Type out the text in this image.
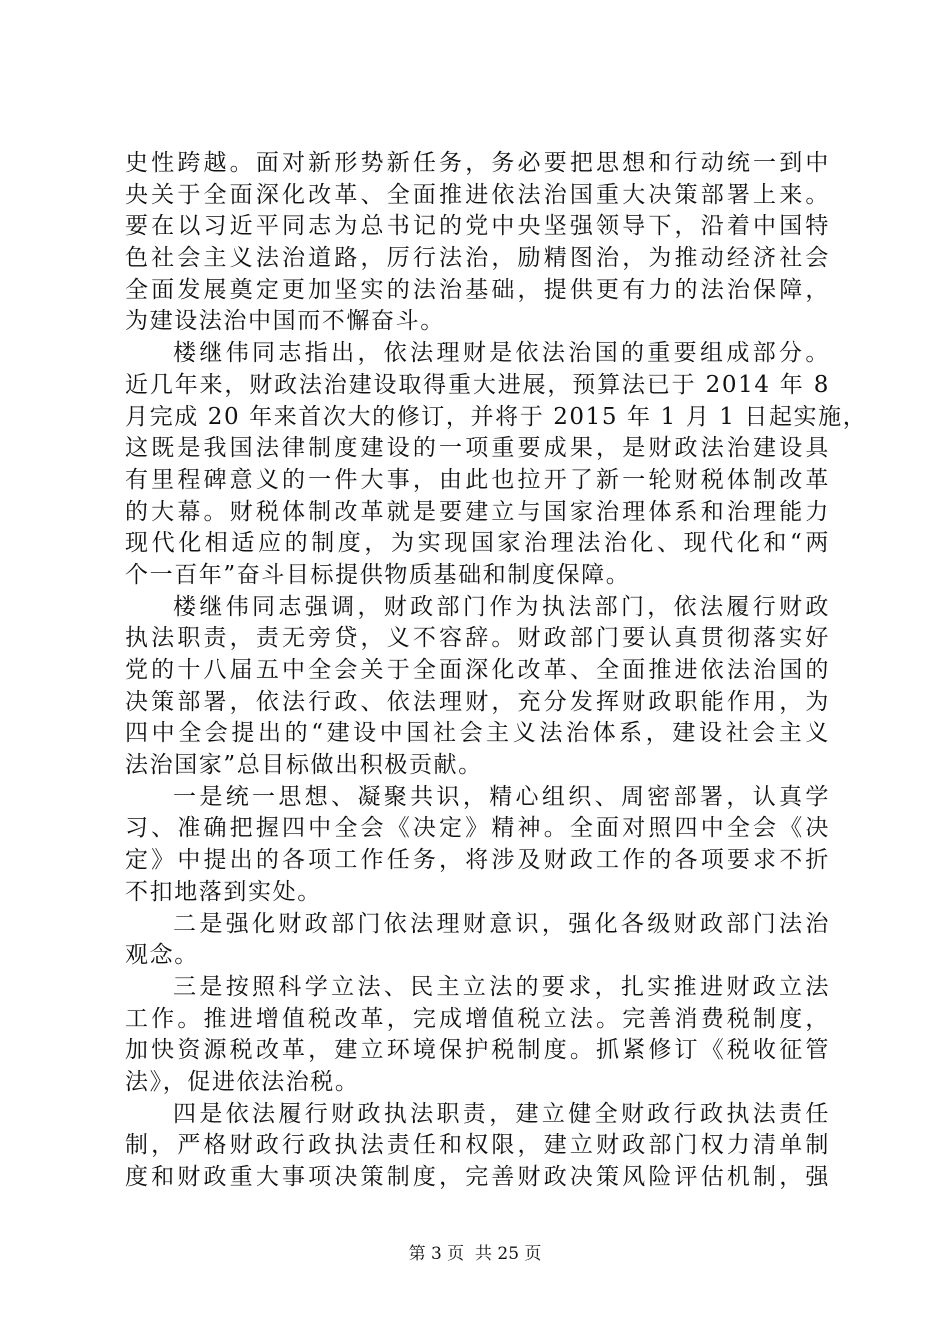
史性跨越。面对新形势新任务，务必要把思想和行动统一到中
央关于全面深化改革、全面推进依法治国重大决策部署上来。
要在以习近平同志为总书记的党中央坚强领导下，沿着中国特
色社会主义法治道路，厉行法治，励精图治，为推动经济社会
全面发展奠定更加坚实的法治基础，提供更有力的法治保障，
为建设法治中国而不懈奋斗。
楼继伟同志指出，依法理财是依法治国的重要组成部分。
近几年来，财政法治建设取得重大进展，预算法已于 2014 年 8
月完成 20 年来首次大的修订，并将于 2015 年 1 月 1 日起实施，
这既是我国法律制度建设的一项重要成果，是财政法治建设具
有里程碑意义的一件大事，由此也拉开了新一轮财税体制改革
的大幕。财税体制改革就是要建立与国家治理体系和治理能力
现代化相适应的制度，为实现国家治理法治化、现代化和“两
个一百年”奋斗目标提供物质基础和制度保障。
楼继伟同志强调，财政部门作为执法部门，依法履行财政
执法职责，责无旁贷，义不容辞。财政部门要认真贯彻落实好
党的十八届五中全会关于全面深化改革、全面推进依法治国的
决策部署，依法行政、依法理财，充分发挥财政职能作用，为
四中全会提出的“建设中国社会主义法治体系，建设社会主义
法治国家”总目标做出积极贡献。
一是统一思想、凝聚共识，精心组织、周密部署，认真学
习、准确把握四中全会《决定》精神。全面对照四中全会《决
定》中提出的各项工作任务，将涉及财政工作的各项要求不折
不扣地落到实处。
二是强化财政部门依法理财意识，强化各级财政部门法治
观念。
三是按照科学立法、民主立法的要求，扎实推进财政立法
工作。推进增值税改革，完成增值税立法。完善消费税制度，
加快资源税改革，建立环境保护税制度。抓紧修订《税收征管
法》，促进依法治税。
四是依法履行财政执法职责，建立健全财政行政执法责任
制，严格财政行政执法责任和权限，建立财政部门权力清单制
度和财政重大事项决策制度，完善财政决策风险评估机制，强
第 3 页  共 25 页
